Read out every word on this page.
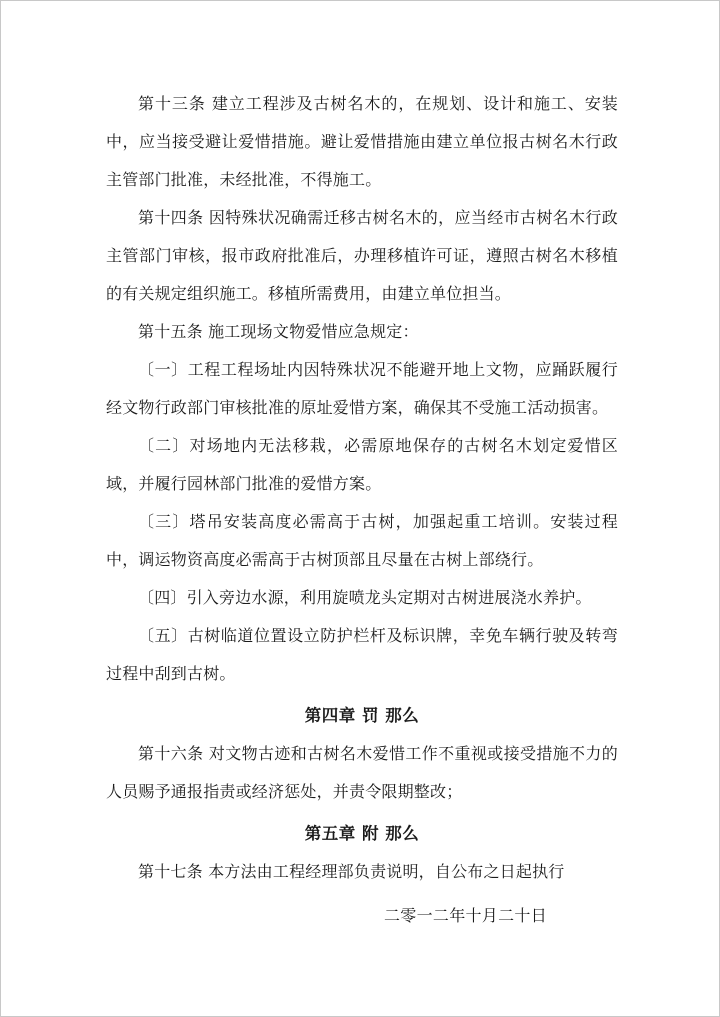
第十三条 建立工程涉及古树名木的，在规划、设计和施工、安装中，应当接受避让爱惜措施。避让爱惜措施由建立单位报古树名木行政主管部门批准，未经批准，不得施工。

第十四条 因特殊状况确需迁移古树名木的，应当经市古树名木行政主管部门审核，报市政府批准后，办理移植许可证，遵照古树名木移植的有关规定组织施工。移植所需费用，由建立单位担当。

第十五条 施工现场文物爱惜应急规定：

〔一〕工程工程场址内因特殊状况不能避开地上文物，应踊跃履行经文物行政部门审核批准的原址爱惜方案，确保其不受施工活动损害。

〔二〕对场地内无法移栽，必需原地保存的古树名木划定爱惜区域，并履行园林部门批准的爱惜方案。

〔三〕塔吊安装高度必需高于古树，加强起重工培训。安装过程中，调运物资高度必需高于古树顶部且尽量在古树上部绕行。

〔四〕引入旁边水源，利用旋喷龙头定期对古树进展浇水养护。

〔五〕古树临道位置设立防护栏杆及标识牌，幸免车辆行驶及转弯过程中刮到古树。

第四章 罚 那么

第十六条 对文物古迹和古树名木爱惜工作不重视或接受措施不力的人员赐予通报指责或经济惩处，并责令限期整改；

第五章 附 那么

第十七条 本方法由工程经理部负责说明，自公布之日起执行

二零一二年十月二十日
